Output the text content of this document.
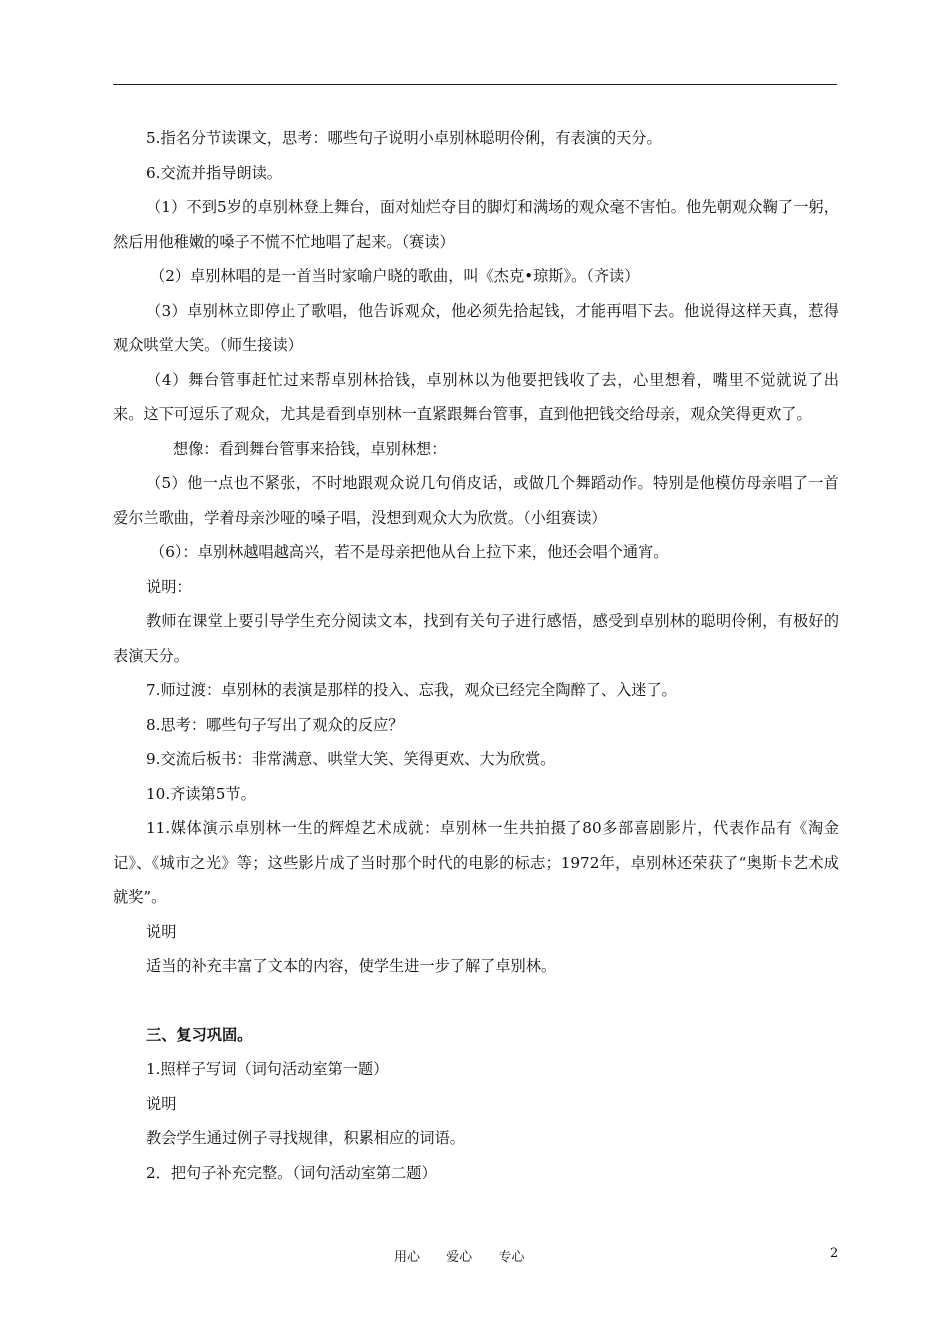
5.指名分节读课文，思考：哪些句子说明小卓别林聪明伶俐，有表演的天分。

6.交流并指导朗读。

（1）不到5岁的卓别林登上舞台，面对灿烂夺目的脚灯和满场的观众毫不害怕。他先朝观众鞠了一躬，然后用他稚嫩的嗓子不慌不忙地唱了起来。（赛读）

（2）卓别林唱的是一首当时家喻户晓的歌曲，叫《杰克•琼斯》。（齐读）

（3）卓别林立即停止了歌唱，他告诉观众，他必须先拾起钱，才能再唱下去。他说得这样天真，惹得观众哄堂大笑。（师生接读）

（4）舞台管事赶忙过来帮卓别林拾钱，卓别林以为他要把钱收了去，心里想着，嘴里不觉就说了出来。这下可逗乐了观众，尤其是看到卓别林一直紧跟舞台管事，直到他把钱交给母亲，观众笑得更欢了。

想像：看到舞台管事来拾钱，卓别林想：

（5）他一点也不紧张，不时地跟观众说几句俏皮话，或做几个舞蹈动作。特别是他模仿母亲唱了一首爱尔兰歌曲，学着母亲沙哑的嗓子唱，没想到观众大为欣赏。（小组赛读）

（6）：卓别林越唱越高兴，若不是母亲把他从台上拉下来，他还会唱个通宵。

说明：

教师在课堂上要引导学生充分阅读文本，找到有关句子进行感悟，感受到卓别林的聪明伶俐，有极好的表演天分。

7.师过渡：卓别林的表演是那样的投入、忘我，观众已经完全陶醉了、入迷了。

8.思考：哪些句子写出了观众的反应？

9.交流后板书：非常满意、哄堂大笑、笑得更欢、大为欣赏。

10.齐读第5节。

11.媒体演示卓别林一生的辉煌艺术成就：卓别林一生共拍摄了80多部喜剧影片，代表作品有《淘金记》、《城市之光》等；这些影片成了当时那个时代的电影的标志；1972年，卓别林还荣获了“奥斯卡艺术成就奖”。

说明

适当的补充丰富了文本的内容，使学生进一步了解了卓别林。

三、复习巩固。

1.照样子写词（词句活动室第一题）

说明

教会学生通过例子寻找规律，积累相应的词语。

2．把句子补充完整。（词句活动室第二题）

用心 爱心 专心	2
